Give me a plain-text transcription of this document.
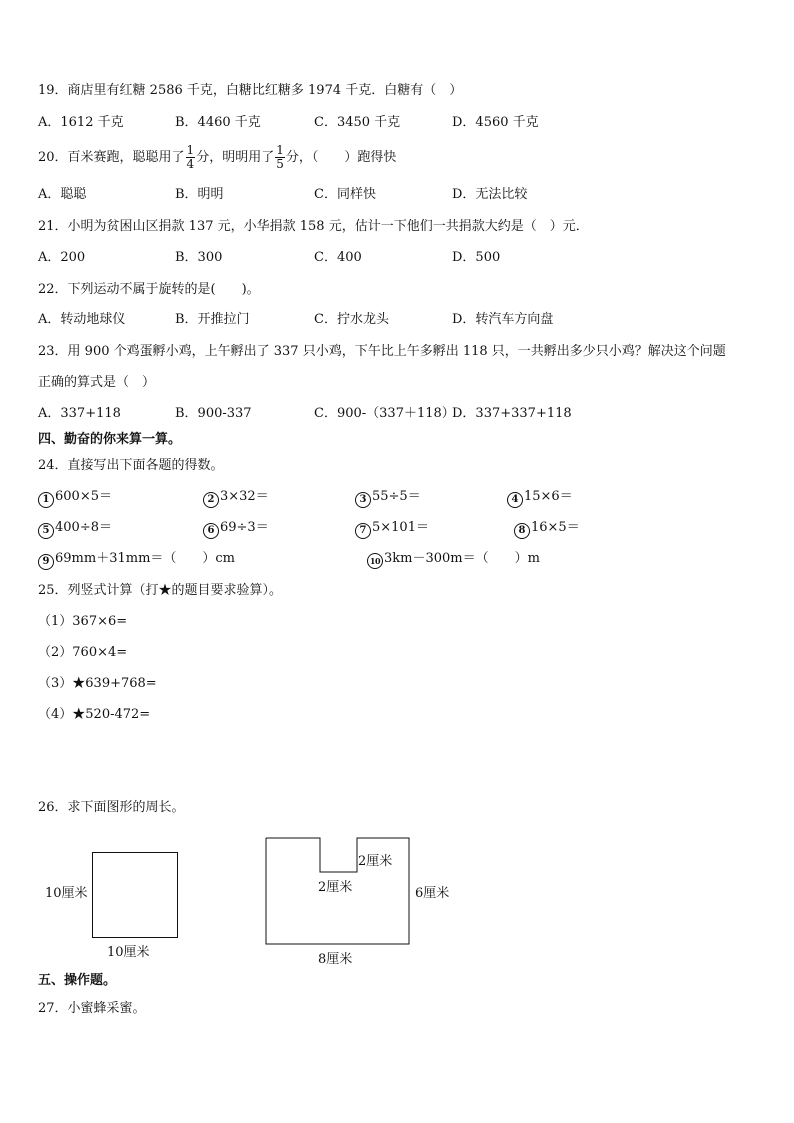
19．商店里有红糖 2586 千克，白糖比红糖多 1974 千克．白糖有（　）
A．1612 千克	B．4460 千克	C．3450 千克	D．4560 千克
20．百米赛跑，聪聪用了 $\frac{1}{4}$ 分，明明用了 $\frac{1}{5}$ 分，（　　）跑得快
A．聪聪	B．明明	C．同样快	D．无法比较
21．小明为贫困山区捐款 137 元，小华捐款 158 元，估计一下他们一共捐款大约是（　）元．
A．200	B．300	C．400	D．500
22．下列运动不属于旋转的是(　　)。
A．转动地球仪	B．开推拉门	C．拧水龙头	D．转汽车方向盘
23．用 900 个鸡蛋孵小鸡，上午孵出了 337 只小鸡，下午比上午多孵出 118 只，一共孵出多少只小鸡？解决这个问题
正确的算式是（　）
A．337+118	B．900-337	C．900-（337＋118）
D．337+337+118
四、勤奋的你来算一算。
24．直接写出下面各题的得数。
1 600×5＝	2 3×32＝	3 55÷5＝	4 15×6＝
5 400÷8＝	6 69÷3＝	7 5×101＝	8 16×5＝
9 69mm＋31mm＝（　　）cm	10 3km－300m＝（　　）m
25．列竖式计算（打★的题目要求验算）。
（1）367×6=
（2）760×4=
（3）★639+768=
（4）★520-472=
26．求下面图形的周长。
10厘米
10厘米
2厘米
2厘米	6厘米
8厘米
五、操作题。
27．小蜜蜂采蜜。
